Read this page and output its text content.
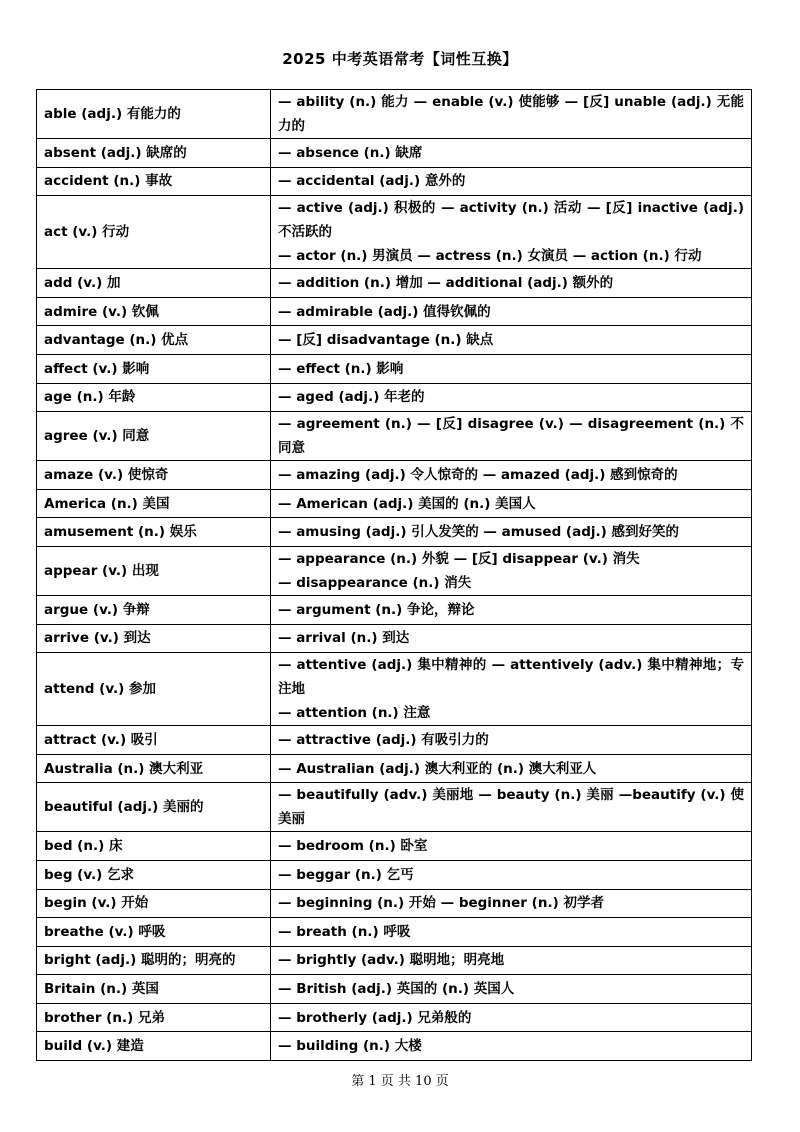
2025 中考英语常考【词性互换】
able (adj.) 有能力的	— ability (n.) 能力 — enable (v.) 使能够 — [反] unable (adj.) 无能力的

absent (adj.) 缺席的	— absence (n.) 缺席

accident (n.) 事故	— accidental (adj.) 意外的

act (v.) 行动	— active (adj.) 积极的 — activity (n.) 活动 — [反] inactive (adj.) 不活跃的
— actor (n.) 男演员 — actress (n.) 女演员 — action (n.) 行动

add (v.) 加	— addition (n.) 增加 — additional (adj.) 额外的

admire (v.) 钦佩	— admirable (adj.) 值得钦佩的

advantage (n.) 优点	— [反] disadvantage (n.) 缺点

affect (v.) 影响	— effect (n.) 影响

age (n.) 年龄	— aged (adj.) 年老的

agree (v.) 同意	— agreement (n.) — [反] disagree (v.) — disagreement (n.) 不同意

amaze (v.) 使惊奇	— amazing (adj.) 令人惊奇的 — amazed (adj.) 感到惊奇的

America (n.) 美国	— American (adj.) 美国的 (n.) 美国人

amusement (n.) 娱乐	— amusing (adj.) 引人发笑的 — amused (adj.) 感到好笑的

appear (v.) 出现	— appearance (n.) 外貌 — [反] disappear (v.) 消失
— disappearance (n.) 消失

argue (v.) 争辩	— argument (n.) 争论，辩论

arrive (v.) 到达	— arrival (n.) 到达

attend (v.) 参加	— attentive (adj.) 集中精神的 — attentively (adv.) 集中精神地；专注地
— attention (n.) 注意

attract (v.) 吸引	— attractive (adj.) 有吸引力的

Australia (n.) 澳大利亚	— Australian (adj.) 澳大利亚的 (n.) 澳大利亚人

beautiful (adj.) 美丽的	— beautifully (adv.) 美丽地 — beauty (n.) 美丽 —beautify (v.) 使美丽

bed (n.) 床	— bedroom (n.) 卧室

beg (v.) 乞求	— beggar (n.) 乞丐

begin (v.) 开始	— beginning (n.) 开始 — beginner (n.) 初学者

breathe (v.) 呼吸	— breath (n.) 呼吸

bright (adj.) 聪明的；明亮的	— brightly (adv.) 聪明地；明亮地

Britain (n.) 英国	— British (adj.) 英国的 (n.) 英国人

brother (n.) 兄弟	— brotherly (adj.) 兄弟般的

build (v.) 建造	— building (n.) 大楼
第 1 页 共 10 页
